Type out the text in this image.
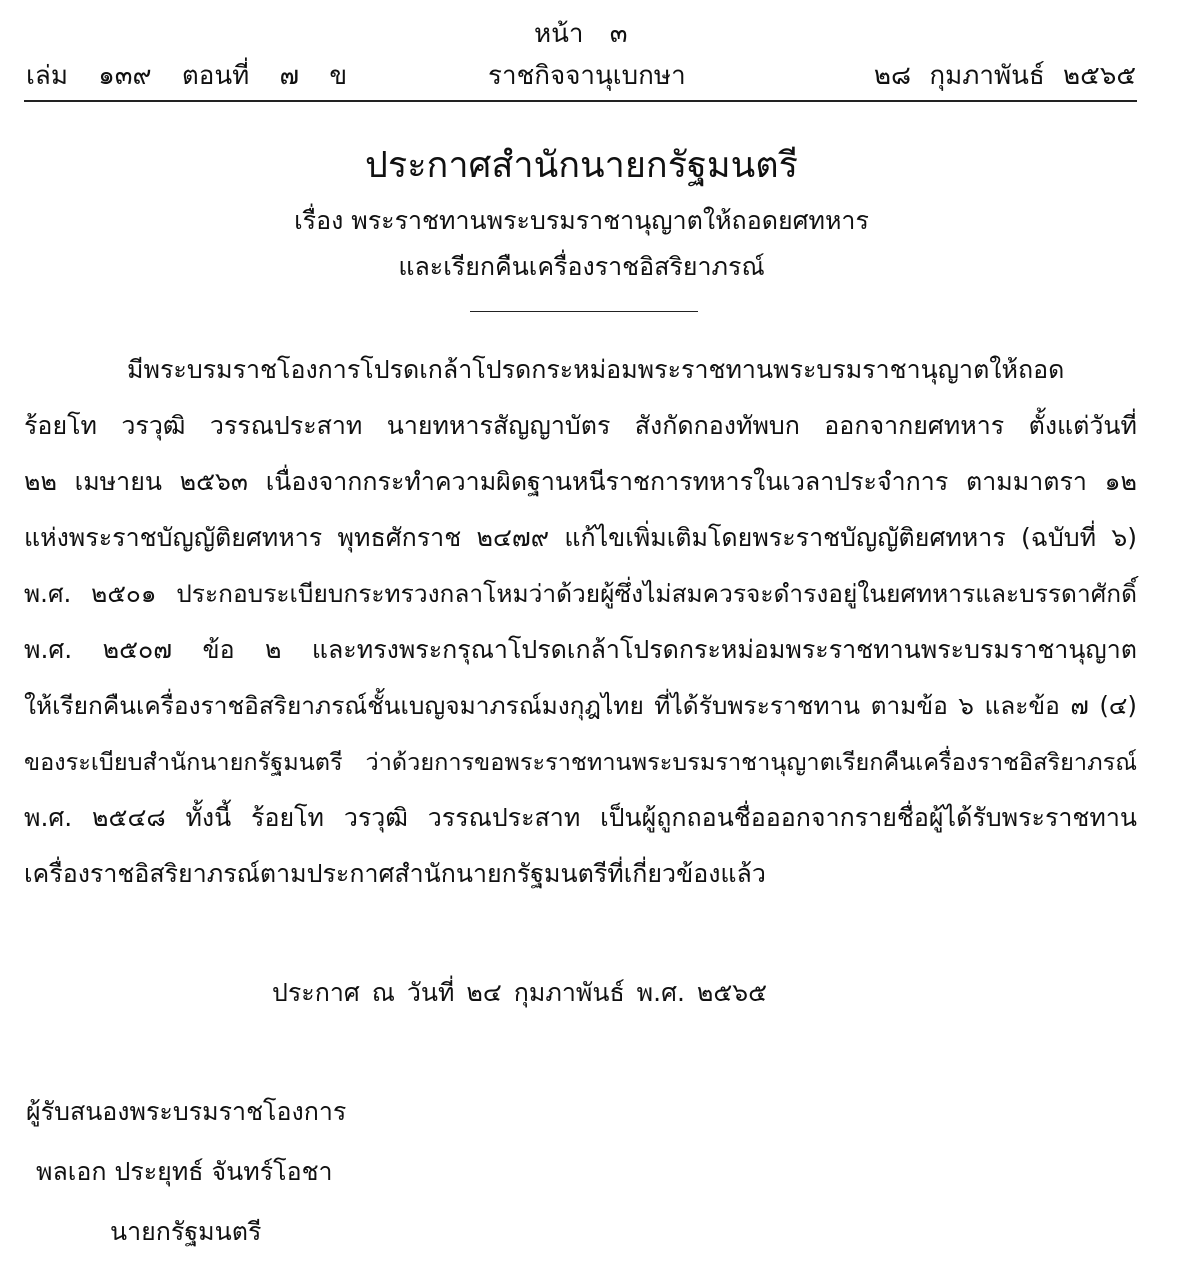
หน้า ๓
เล่ม ๑๓๙ ตอนที่ ๗ ข	ราชกิจจานุเบกษา	๒๘ กุมภาพันธ์ ๒๕๖๕
ประกาศสำนักนายกรัฐมนตรี
เรื่อง พระราชทานพระบรมราชานุญาตให้ถอดยศทหาร
และเรียกคืนเครื่องราชอิสริยาภรณ์
มีพระบรมราชโองการโปรดเกล้าโปรดกระหม่อมพระราชทานพระบรมราชานุญาตให้ถอด
ร้อยโท วรวุฒิ วรรณประสาท นายทหารสัญญาบัตร สังกัดกองทัพบก ออกจากยศทหาร ตั้งแต่วันที่
๒๒ เมษายน ๒๕๖๓ เนื่องจากกระทำความผิดฐานหนีราชการทหารในเวลาประจำการ ตามมาตรา ๑๒
แห่งพระราชบัญญัติยศทหาร พุทธศักราช ๒๔๗๙ แก้ไขเพิ่มเติมโดยพระราชบัญญัติยศทหาร (ฉบับที่ ๖)
พ.ศ. ๒๕๐๑ ประกอบระเบียบกระทรวงกลาโหมว่าด้วยผู้ซึ่งไม่สมควรจะดำรงอยู่ในยศทหารและบรรดาศักดิ์
พ.ศ. ๒๕๐๗ ข้อ ๒ และทรงพระกรุณาโปรดเกล้าโปรดกระหม่อมพระราชทานพระบรมราชานุญาต
ให้เรียกคืนเครื่องราชอิสริยาภรณ์ชั้นเบญจมาภรณ์มงกุฎไทย ที่ได้รับพระราชทาน ตามข้อ ๖ และข้อ ๗ (๔)
ของระเบียบสำนักนายกรัฐมนตรี ว่าด้วยการขอพระราชทานพระบรมราชานุญาตเรียกคืนเครื่องราชอิสริยาภรณ์
พ.ศ. ๒๕๔๘ ทั้งนี้ ร้อยโท วรวุฒิ วรรณประสาท เป็นผู้ถูกถอนชื่อออกจากรายชื่อผู้ได้รับพระราชทาน
เครื่องราชอิสริยาภรณ์ตามประกาศสำนักนายกรัฐมนตรีที่เกี่ยวข้องแล้ว
ประกาศ ณ วันที่ ๒๔ กุมภาพันธ์ พ.ศ. ๒๕๖๕
ผู้รับสนองพระบรมราชโองการ
พลเอก ประยุทธ์ จันทร์โอชา
นายกรัฐมนตรี
